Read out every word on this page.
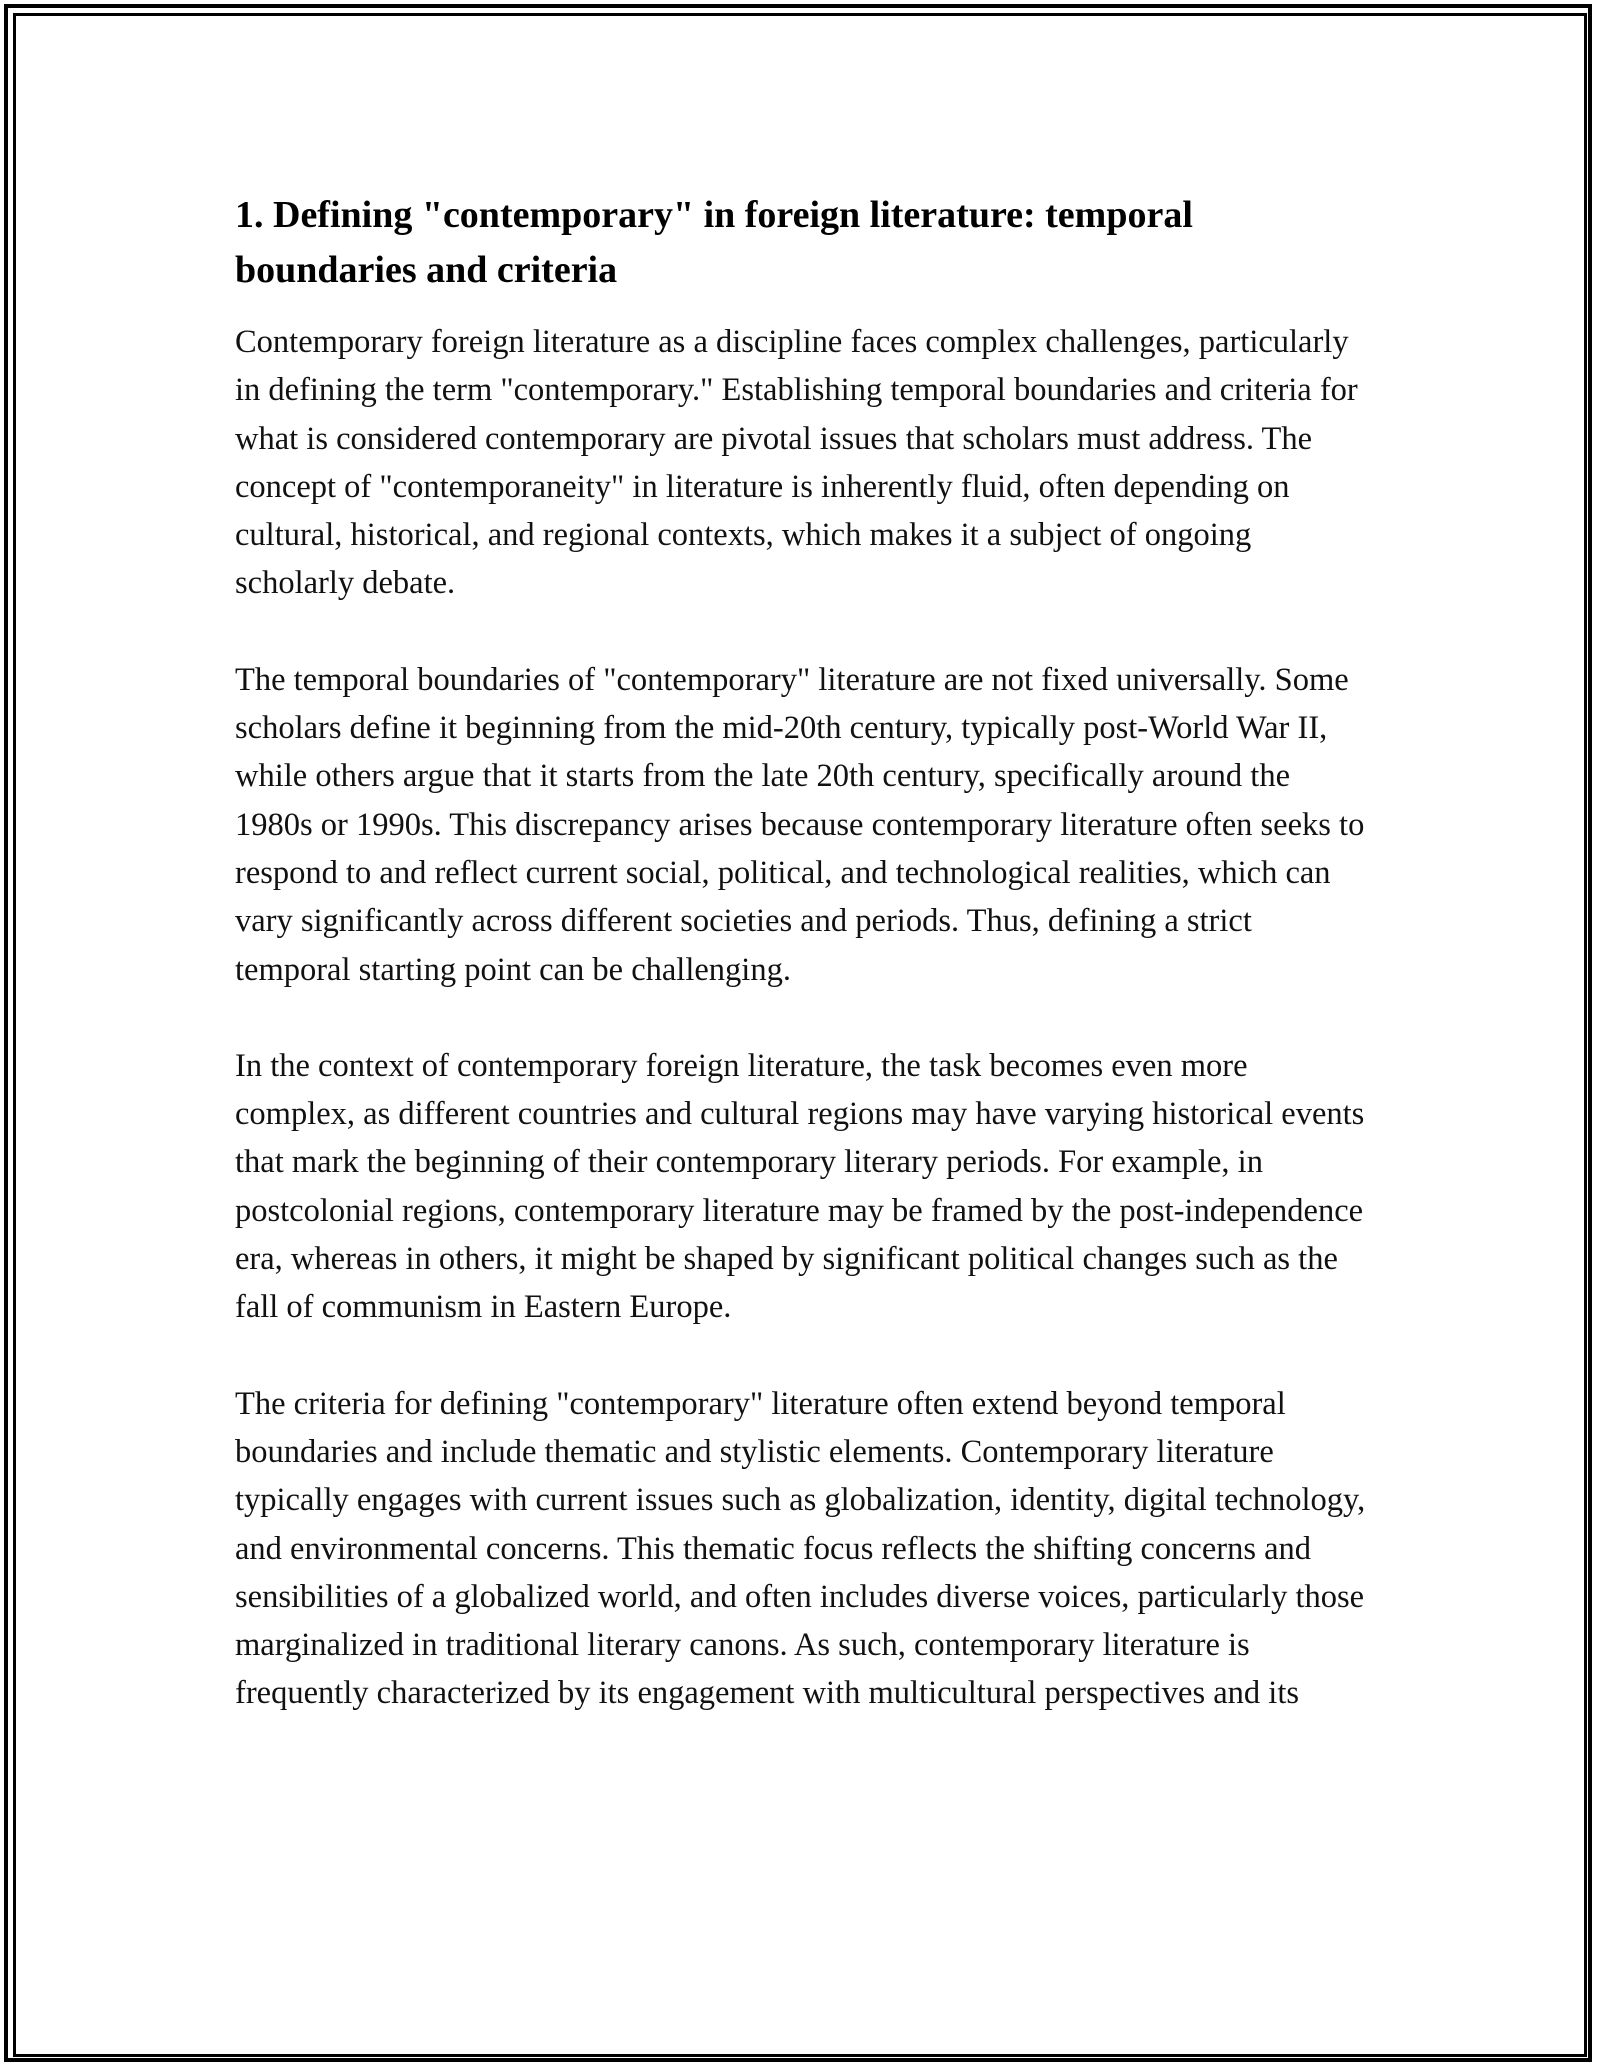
1. Defining "contemporary" in foreign literature: temporal boundaries and criteria

Contemporary foreign literature as a discipline faces complex challenges, particularly in defining the term "contemporary." Establishing temporal boundaries and criteria for what is considered contemporary are pivotal issues that scholars must address. The concept of "contemporaneity" in literature is inherently fluid, often depending on cultural, historical, and regional contexts, which makes it a subject of ongoing scholarly debate.

The temporal boundaries of "contemporary" literature are not fixed universally. Some scholars define it beginning from the mid-20th century, typically post-World War II, while others argue that it starts from the late 20th century, specifically around the 1980s or 1990s. This discrepancy arises because contemporary literature often seeks to respond to and reflect current social, political, and technological realities, which can vary significantly across different societies and periods. Thus, defining a strict temporal starting point can be challenging.

In the context of contemporary foreign literature, the task becomes even more complex, as different countries and cultural regions may have varying historical events that mark the beginning of their contemporary literary periods. For example, in postcolonial regions, contemporary literature may be framed by the post-independence era, whereas in others, it might be shaped by significant political changes such as the fall of communism in Eastern Europe.

The criteria for defining "contemporary" literature often extend beyond temporal boundaries and include thematic and stylistic elements. Contemporary literature typically engages with current issues such as globalization, identity, digital technology, and environmental concerns. This thematic focus reflects the shifting concerns and sensibilities of a globalized world, and often includes diverse voices, particularly those marginalized in traditional literary canons. As such, contemporary literature is frequently characterized by its engagement with multicultural perspectives and its
